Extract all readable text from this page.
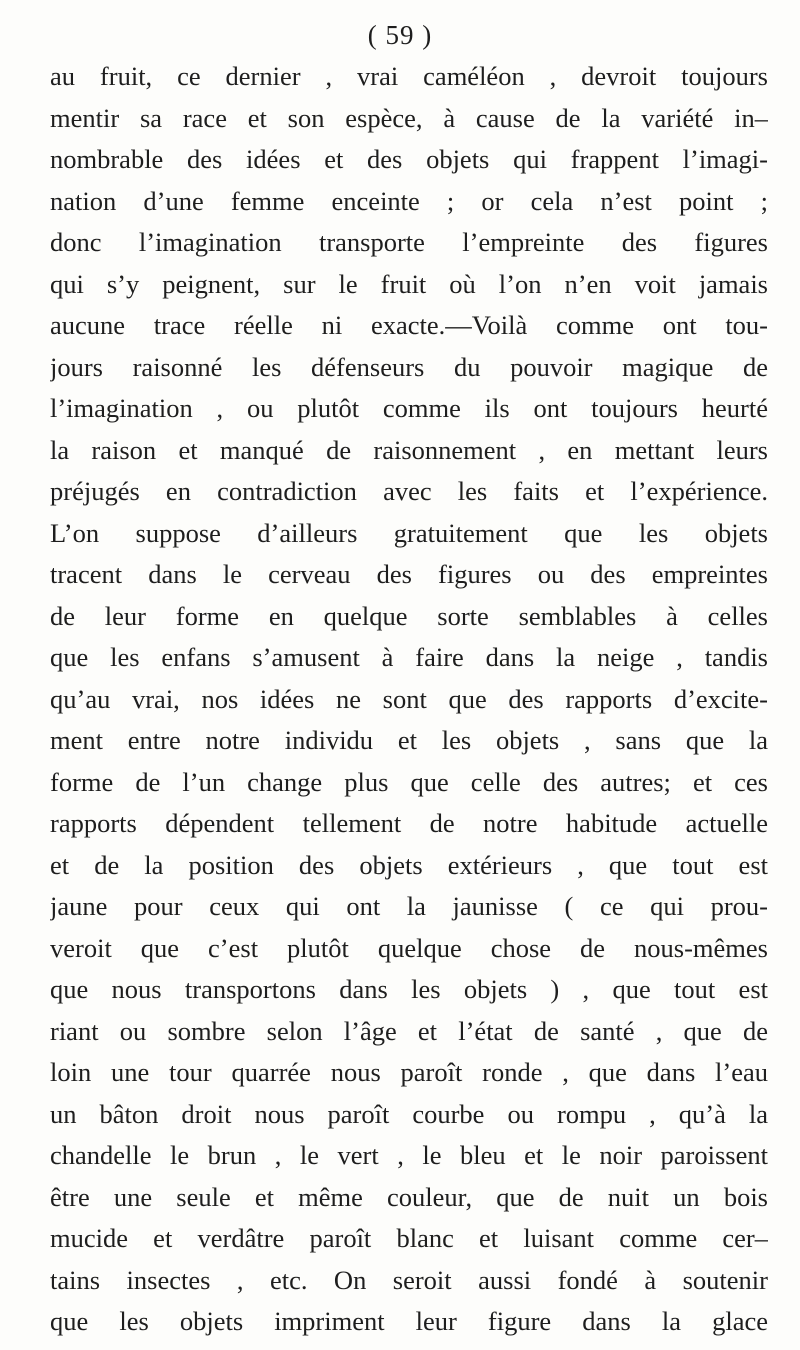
( 59 )
au fruit, ce dernier , vrai caméléon , devroit toujours
mentir sa race et son espèce, à cause de la variété in–
nombrable des idées et des objets qui frappent l’imagi-
nation d’une femme enceinte ; or cela n’est point ;
donc l’imagination transporte l’empreinte des figures
qui s’y peignent, sur le fruit où l’on n’en voit jamais
aucune trace réelle ni exacte.—Voilà comme ont tou-
jours raisonné les défenseurs du pouvoir magique de
l’imagination , ou plutôt comme ils ont toujours heurté
la raison et manqué de raisonnement , en mettant leurs
préjugés en contradiction avec les faits et l’expérience.
L’on suppose d’ailleurs gratuitement que les objets
tracent dans le cerveau des figures ou des empreintes
de leur forme en quelque sorte semblables à celles
que les enfans s’amusent à faire dans la neige , tandis
qu’au vrai, nos idées ne sont que des rapports d’excite-
ment entre notre individu et les objets , sans que la
forme de l’un change plus que celle des autres; et ces
rapports dépendent tellement de notre habitude actuelle
et de la position des objets extérieurs , que tout est
jaune pour ceux qui ont la jaunisse ( ce qui prou-
veroit que c’est plutôt quelque chose de nous-mêmes
que nous transportons dans les objets ) , que tout est
riant ou sombre selon l’âge et l’état de santé , que de
loin une tour quarrée nous paroît ronde , que dans l’eau
un bâton droit nous paroît courbe ou rompu , qu’à la
chandelle le brun , le vert , le bleu et le noir paroissent
être une seule et même couleur, que de nuit un bois
mucide et verdâtre paroît blanc et luisant comme cer–
tains insectes , etc. On seroit aussi fondé à soutenir
que les objets impriment leur figure dans la glace
